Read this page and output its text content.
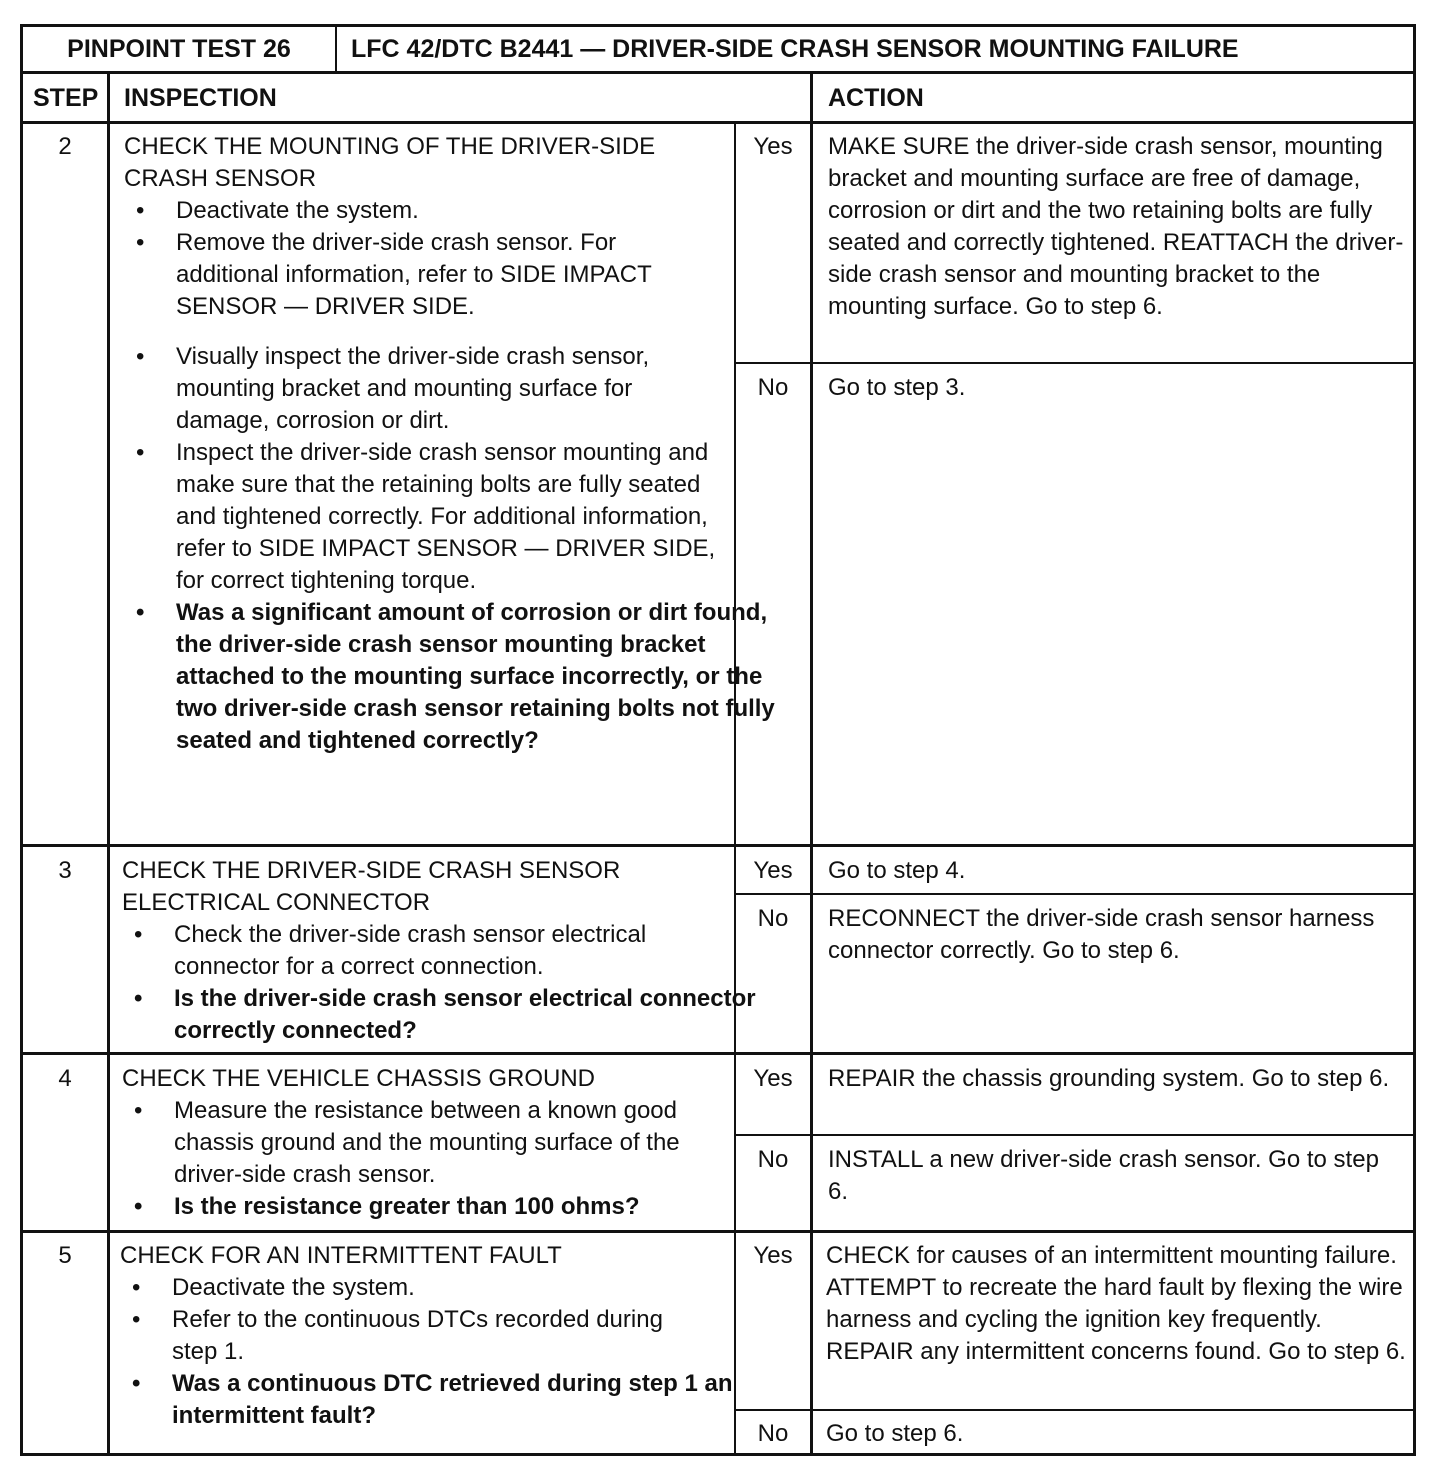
PINPOINT TEST 26	LFC 42/DTC B2441 — DRIVER-SIDE CRASH SENSOR MOUNTING FAILURE
STEP	INSPECTION	ACTION
2	CHECK THE MOUNTING OF THE DRIVER-SIDE CRASH SENSOR
• Deactivate the system.
• Remove the driver-side crash sensor. For additional information, refer to SIDE IMPACT SENSOR — DRIVER SIDE.
• Visually inspect the driver-side crash sensor, mounting bracket and mounting surface for damage, corrosion or dirt.
• Inspect the driver-side crash sensor mounting and make sure that the retaining bolts are fully seated and tightened correctly. For additional information, refer to SIDE IMPACT SENSOR — DRIVER SIDE, for correct tightening torque.
• Was a significant amount of corrosion or dirt found, the driver-side crash sensor mounting bracket attached to the mounting surface incorrectly, or the two driver-side crash sensor retaining bolts not fully seated and tightened correctly?
Yes	MAKE SURE the driver-side crash sensor, mounting bracket and mounting surface are free of damage, corrosion or dirt and the two retaining bolts are fully seated and correctly tightened. REATTACH the driver-side crash sensor and mounting bracket to the mounting surface. Go to step 6.
No	Go to step 3.
3	CHECK THE DRIVER-SIDE CRASH SENSOR ELECTRICAL CONNECTOR
• Check the driver-side crash sensor electrical connector for a correct connection.
• Is the driver-side crash sensor electrical connector correctly connected?
Yes	Go to step 4.
No	RECONNECT the driver-side crash sensor harness connector correctly. Go to step 6.
4	CHECK THE VEHICLE CHASSIS GROUND
• Measure the resistance between a known good chassis ground and the mounting surface of the driver-side crash sensor.
• Is the resistance greater than 100 ohms?
Yes	REPAIR the chassis grounding system. Go to step 6.
No	INSTALL a new driver-side crash sensor. Go to step 6.
5	CHECK FOR AN INTERMITTENT FAULT
• Deactivate the system.
• Refer to the continuous DTCs recorded during step 1.
• Was a continuous DTC retrieved during step 1 an intermittent fault?
Yes	CHECK for causes of an intermittent mounting failure. ATTEMPT to recreate the hard fault by flexing the wire harness and cycling the ignition key frequently. REPAIR any intermittent concerns found. Go to step 6.
No	Go to step 6.
